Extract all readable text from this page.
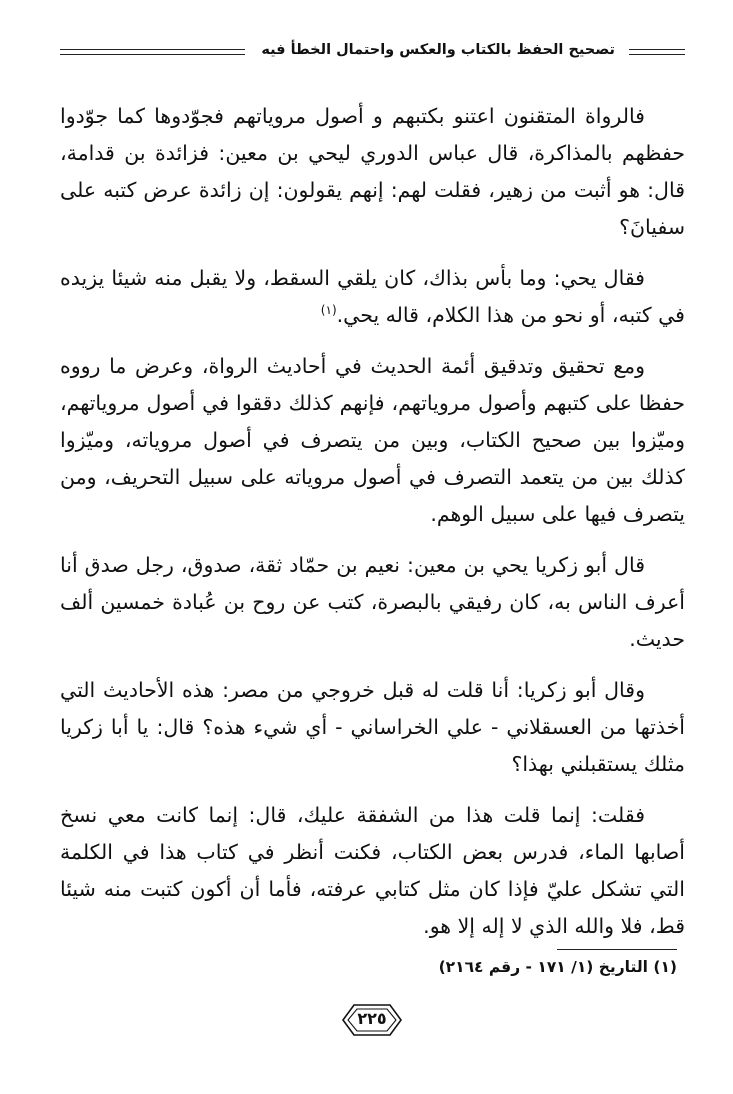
تصحيح الحفظ بالكتاب والعكس واحتمال الخطأ فيه

فالرواة المتقنون اعتنو بكتبهم و أصول مروياتهم فجوّدوها كما جوّدوا حفظهم بالمذاكرة، قال عباس الدوري ليحي بن معين: فزائدة بن قدامة، قال: هو أثبت من زهير، فقلت لهم: إنهم يقولون: إن زائدة عرض كتبه على سفيانَ؟

فقال يحي: وما بأس بذاك، كان يلقي السقط، ولا يقبل منه شيئا يزيده في كتبه، أو نحو من هذا الكلام، قاله يحي.$^{(١)}$

ومع تحقيق وتدقيق أئمة الحديث في أحاديث الرواة، وعرض ما رووه حفظا على كتبهم وأصول مروياتهم، فإنهم كذلك دققوا في أصول مروياتهم، وميّزوا بين صحيح الكتاب، وبين من يتصرف في أصول مروياته، وميّزوا كذلك بين من يتعمد التصرف في أصول مروياته على سبيل التحريف، ومن يتصرف فيها على سبيل الوهم.

قال أبو زكريا يحي بن معين: نعيم بن حمّاد ثقة، صدوق، رجل صدق أنا أعرف الناس به، كان رفيقي بالبصرة، كتب عن روح بن عُبادة خمسين ألف حديث.

وقال أبو زكريا: أنا قلت له قبل خروجي من مصر: هذه الأحاديث التي أخذتها من العسقلاني - علي الخراساني - أي شيء هذه؟ قال: يا أبا زكريا مثلك يستقبلني بهذا؟

فقلت: إنما قلت هذا من الشفقة عليك، قال: إنما كانت معي نسخ أصابها الماء، فدرس بعض الكتاب، فكنت أنظر في كتاب هذا في الكلمة التي تشكل عليّ فإذا كان مثل كتابي عرفته، فأما أن أكون كتبت منه شيئا قط، فلا والله الذي لا إله إلا هو.

(١) التاريخ (١/ ١٧١ - رقم ٢١٦٤)
٢٢٥
